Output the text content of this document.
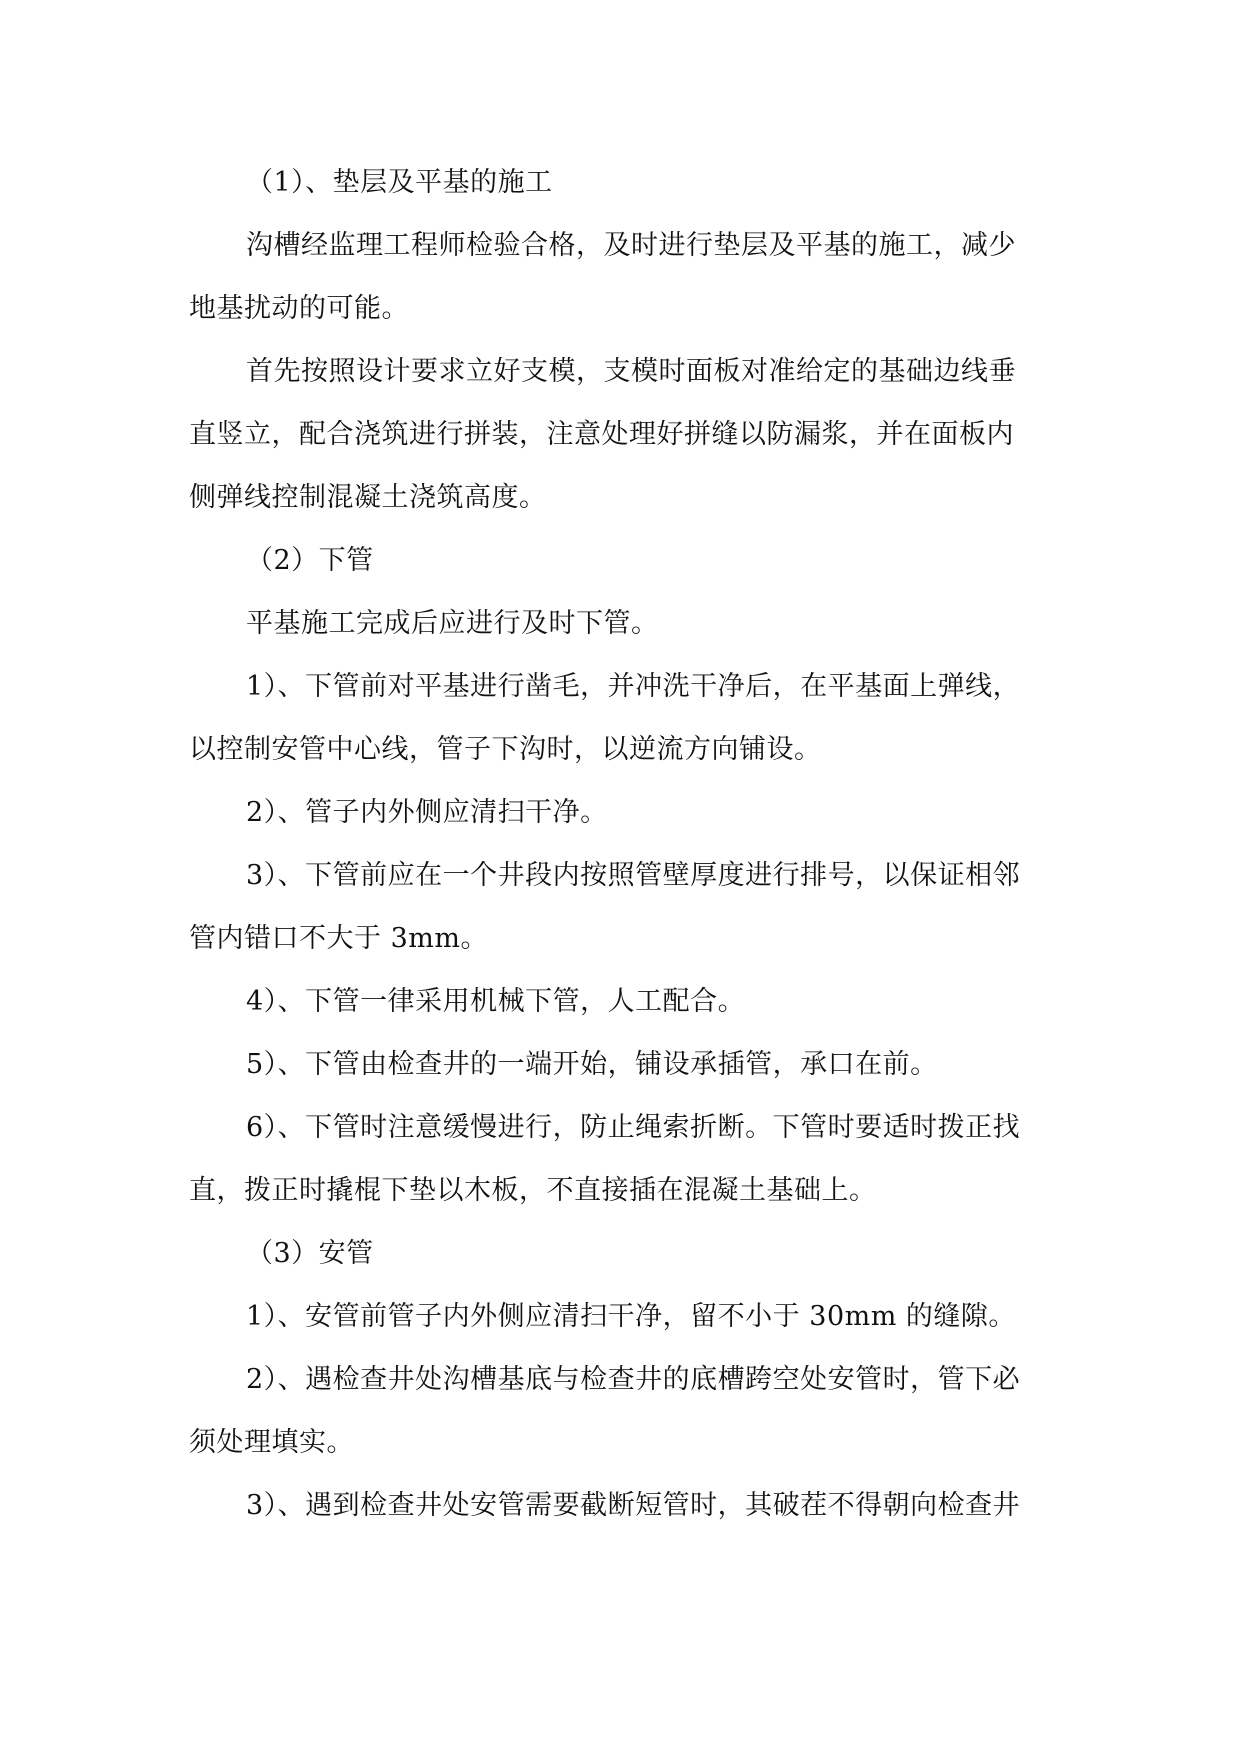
（1）、垫层及平基的施工

沟槽经监理工程师检验合格，及时进行垫层及平基的施工，减少

地基扰动的可能。

首先按照设计要求立好支模，支模时面板对准给定的基础边线垂

直竖立，配合浇筑进行拼装，注意处理好拼缝以防漏浆，并在面板内

侧弹线控制混凝土浇筑高度。

（2）下管

平基施工完成后应进行及时下管。

1）、下管前对平基进行凿毛，并冲洗干净后，在平基面上弹线，

以控制安管中心线，管子下沟时，以逆流方向铺设。

2）、管子内外侧应清扫干净。

3）、下管前应在一个井段内按照管壁厚度进行排号，以保证相邻

管内错口不大于 3mm。

4）、下管一律采用机械下管，人工配合。

5）、下管由检查井的一端开始，铺设承插管，承口在前。

6）、下管时注意缓慢进行，防止绳索折断。下管时要适时拨正找

直，拨正时撬棍下垫以木板，不直接插在混凝土基础上。

（3）安管

1）、安管前管子内外侧应清扫干净，留不小于 30mm 的缝隙。

2）、遇检查井处沟槽基底与检查井的底槽跨空处安管时，管下必

须处理填实。

3）、遇到检查井处安管需要截断短管时，其破茬不得朝向检查井
